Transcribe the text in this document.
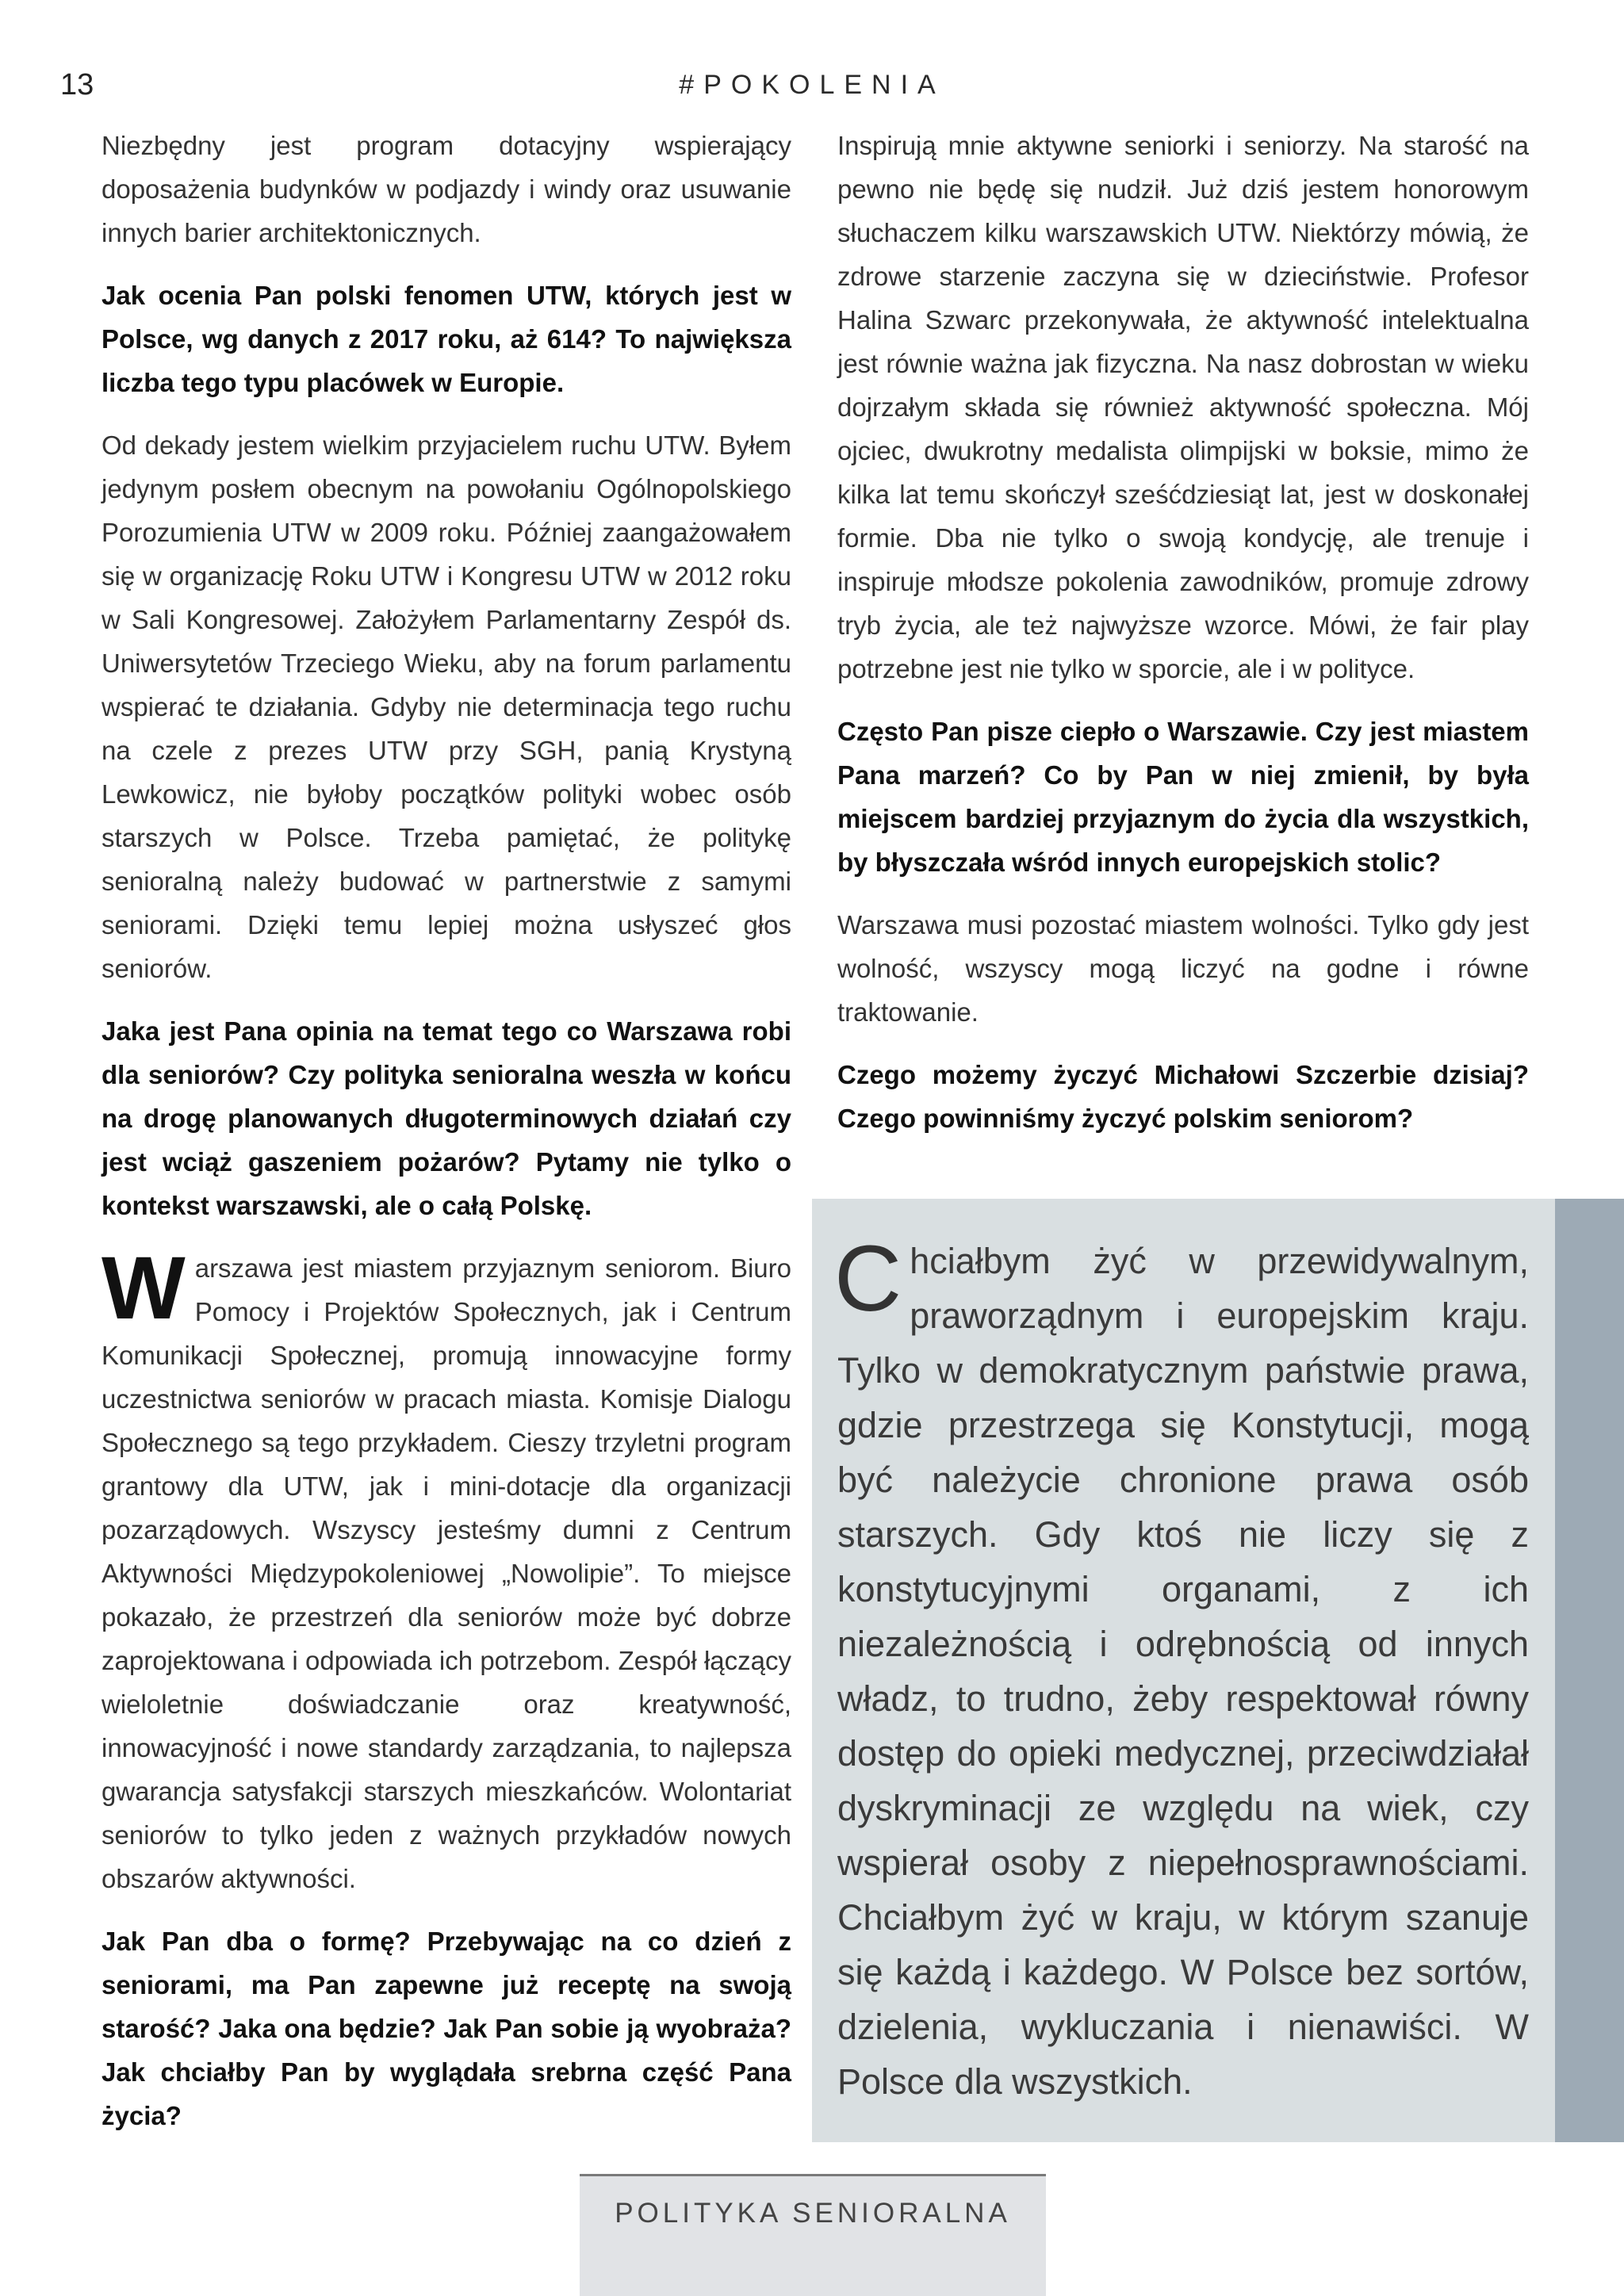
13	#POKOLENIA

Niezbędny jest program dotacyjny wspierający doposażenia budynków w podjazdy i windy oraz usuwanie innych barier architektonicznych.

Jak ocenia Pan polski fenomen UTW, których jest w Polsce, wg danych z 2017 roku, aż 614? To największa liczba tego typu placówek w Europie.

Od dekady jestem wielkim przyjacielem ruchu UTW. Byłem jedynym posłem obecnym na powołaniu Ogólnopolskiego Porozumienia UTW w 2009 roku. Później zaangażowałem się w organizację Roku UTW i Kongresu UTW w 2012 roku w Sali Kongresowej. Założyłem Parlamentarny Zespół ds. Uniwersytetów Trzeciego Wieku, aby na forum parlamentu wspierać te działania. Gdyby nie determinacja tego ruchu na czele z prezes UTW przy SGH, panią Krystyną Lewkowicz, nie byłoby początków polityki wobec osób starszych w Polsce. Trzeba pamiętać, że politykę senioralną należy budować w partnerstwie z samymi seniorami. Dzięki temu lepiej można usłyszeć głos seniorów.

Jaka jest Pana opinia na temat tego co Warszawa robi dla seniorów? Czy polityka senioralna weszła w końcu na drogę planowanych długoterminowych działań czy jest wciąż gaszeniem pożarów? Pytamy nie tylko o kontekst warszawski, ale o całą Polskę.

Warszawa jest miastem przyjaznym seniorom. Biuro Pomocy i Projektów Społecznych, jak i Centrum Komunikacji Społecznej, promują innowacyjne formy uczestnictwa seniorów w pracach miasta. Komisje Dialogu Społecznego są tego przykładem. Cieszy trzyletni program grantowy dla UTW, jak i mini-dotacje dla organizacji pozarządowych. Wszyscy jesteśmy dumni z Centrum Aktywności Międzypokoleniowej „Nowolipie”. To miejsce pokazało, że przestrzeń dla seniorów może być dobrze zaprojektowana i odpowiada ich potrzebom. Zespół łączący wieloletnie doświadczanie oraz kreatywność, innowacyjność i nowe standardy zarządzania, to najlepsza gwarancja satysfakcji starszych mieszkańców. Wolontariat seniorów to tylko jeden z ważnych przykładów nowych obszarów aktywności.

Jak Pan dba o formę? Przebywając na co dzień z seniorami, ma Pan zapewne już receptę na swoją starość? Jaka ona będzie? Jak Pan sobie ją wyobraża? Jak chciałby Pan by wyglądała srebrna część Pana życia?

Inspirują mnie aktywne seniorki i seniorzy. Na starość na pewno nie będę się nudził. Już dziś jestem honorowym słuchaczem kilku warszawskich UTW. Niektórzy mówią, że zdrowe starzenie zaczyna się w dzieciństwie. Profesor Halina Szwarc przekonywała, że aktywność intelektualna jest równie ważna jak fizyczna. Na nasz dobrostan w wieku dojrzałym składa się również aktywność społeczna. Mój ojciec, dwukrotny medalista olimpijski w boksie, mimo że kilka lat temu skończył sześćdziesiąt lat, jest w doskonałej formie. Dba nie tylko o swoją kondycję, ale trenuje i inspiruje młodsze pokolenia zawodników, promuje zdrowy tryb życia, ale też najwyższe wzorce. Mówi, że fair play potrzebne jest nie tylko w sporcie, ale i w polityce.

Często Pan pisze ciepło o Warszawie. Czy jest miastem Pana marzeń? Co by Pan w niej zmienił, by była miejscem bardziej przyjaznym do życia dla wszystkich, by błyszczała wśród innych europejskich stolic?

Warszawa musi pozostać miastem wolności. Tylko gdy jest wolność, wszyscy mogą liczyć na godne i równe traktowanie.

Czego możemy życzyć Michałowi Szczerbie dzisiaj? Czego powinniśmy życzyć polskim seniorom?

Chciałbym żyć w przewidywalnym, praworządnym i europejskim kraju. Tylko w demokratycznym państwie prawa, gdzie przestrzega się Konstytucji, mogą być należycie chronione prawa osób starszych. Gdy ktoś nie liczy się z konstytucyjnymi organami, z ich niezależnością i odrębnością od innych władz, to trudno, żeby respektował równy dostęp do opieki medycznej, przeciwdziałał dyskryminacji ze względu na wiek, czy wspierał osoby z niepełnosprawnościami. Chciałbym żyć w kraju, w którym szanuje się każdą i każdego. W Polsce bez sortów, dzielenia, wykluczania i nienawiści. W Polsce dla wszystkich.
POLITYKA SENIORALNA
